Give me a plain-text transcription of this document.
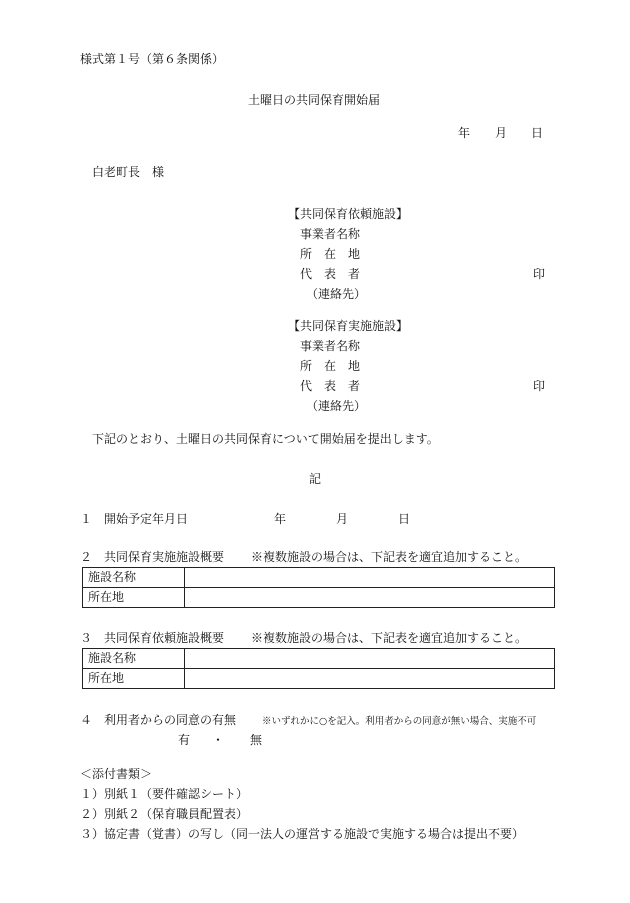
様式第１号（第６条関係）
土曜日の共同保育開始届
年 月 日
白老町長　様
【共同保育依頼施設】
事業者名称
所　在　地
代　表　者	印
（連絡先）
【共同保育実施施設】
事業者名称
所　在　地
代　表　者	印
（連絡先）
下記のとおり、土曜日の共同保育について開始届を提出します。
記
１　開始予定年月日	年	月	日
２　共同保育実施施設概要 ※複数施設の場合は、下記表を適宜追加すること。
施設名称	
所在地	
３　共同保育依頼施設概要 ※複数施設の場合は、下記表を適宜追加すること。
施設名称	
所在地	
４　利用者からの同意の有無	※いずれかに○を記入。利用者からの同意が無い場合、実施不可
有 ・ 無
＜添付書類＞
１）別紙１（要件確認シート）
２）別紙２（保育職員配置表）
３）協定書（覚書）の写し（同一法人の運営する施設で実施する場合は提出不要）
